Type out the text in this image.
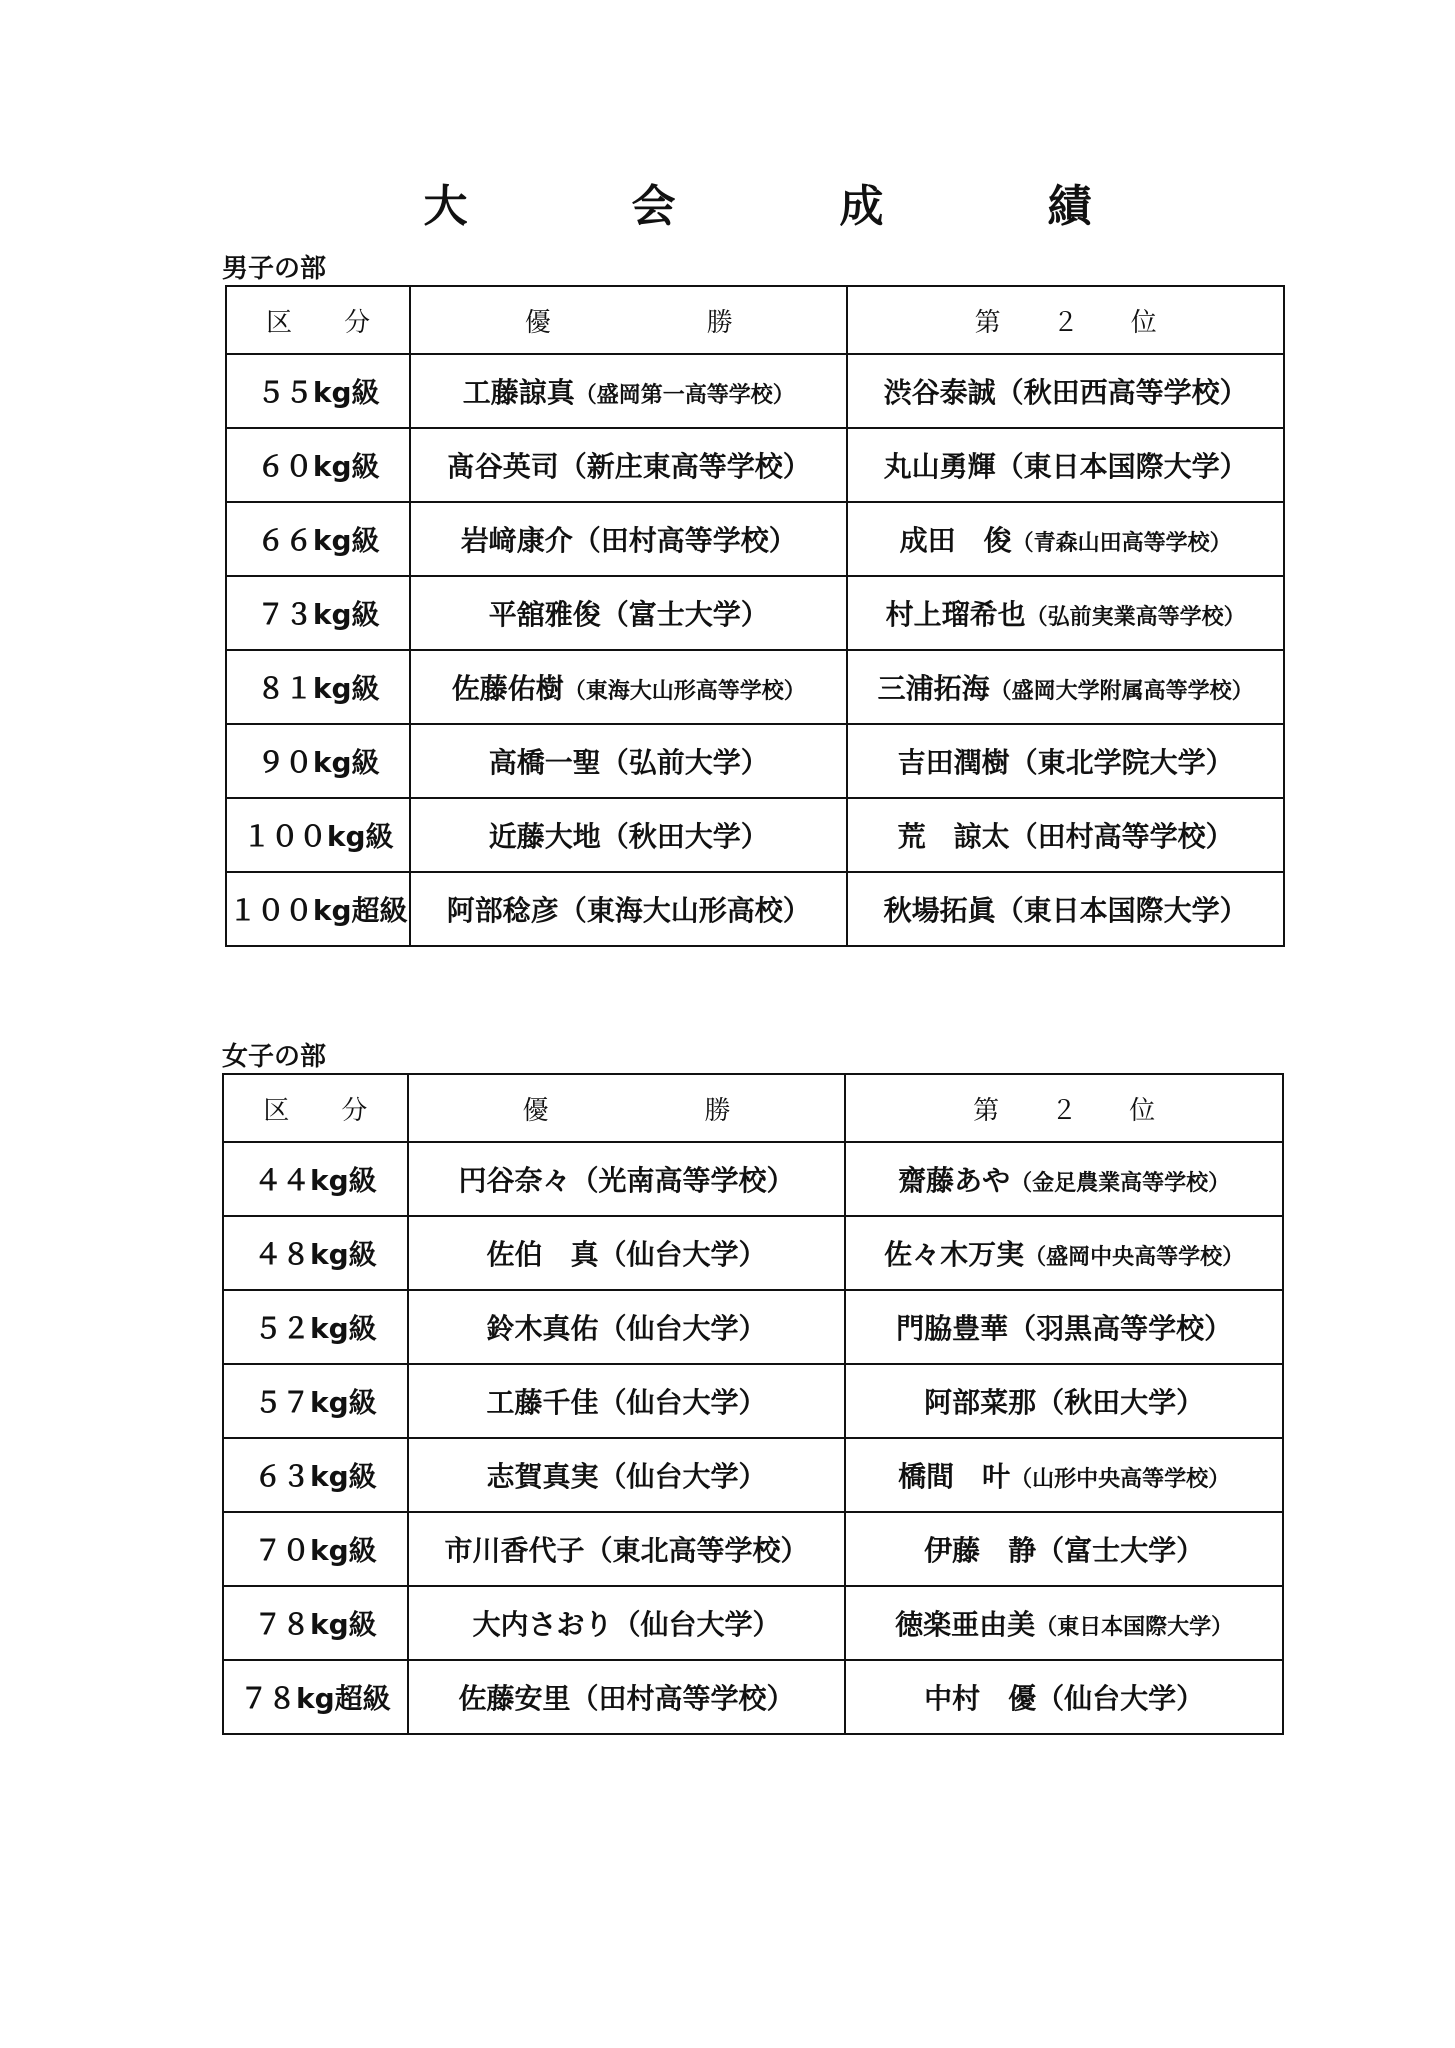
大　会　成　績
男子の部
区　　分	優　　　　　　勝	第　　２　　位
５５kg級	工藤諒真（盛岡第一高等学校）	渋谷泰誠（秋田西高等学校）
６０kg級	髙谷英司（新庄東高等学校）	丸山勇輝（東日本国際大学）
６６kg級	岩﨑康介（田村高等学校）	成田　俊（青森山田高等学校）
７３kg級	平舘雅俊（富士大学）	村上瑠希也（弘前実業高等学校）
８１kg級	佐藤佑樹（東海大山形高等学校）	三浦拓海（盛岡大学附属高等学校）
９０kg級	高橋一聖（弘前大学）	吉田潤樹（東北学院大学）
１００kg級	近藤大地（秋田大学）	荒　諒太（田村高等学校）
１００kg超級	阿部稔彦（東海大山形高校）	秋場拓眞（東日本国際大学）
女子の部
区　　分	優　　　　　　勝	第　　２　　位
４４kg級	円谷奈々（光南高等学校）	齋藤あや（金足農業高等学校）
４８kg級	佐伯　真（仙台大学）	佐々木万実（盛岡中央高等学校）
５２kg級	鈴木真佑（仙台大学）	門脇豊華（羽黒高等学校）
５７kg級	工藤千佳（仙台大学）	阿部菜那（秋田大学）
６３kg級	志賀真実（仙台大学）	橋間　叶（山形中央高等学校）
７０kg級	市川香代子（東北高等学校）	伊藤　静（富士大学）
７８kg級	大内さおり（仙台大学）	徳楽亜由美（東日本国際大学）
７８kg超級	佐藤安里（田村高等学校）	中村　優（仙台大学）
